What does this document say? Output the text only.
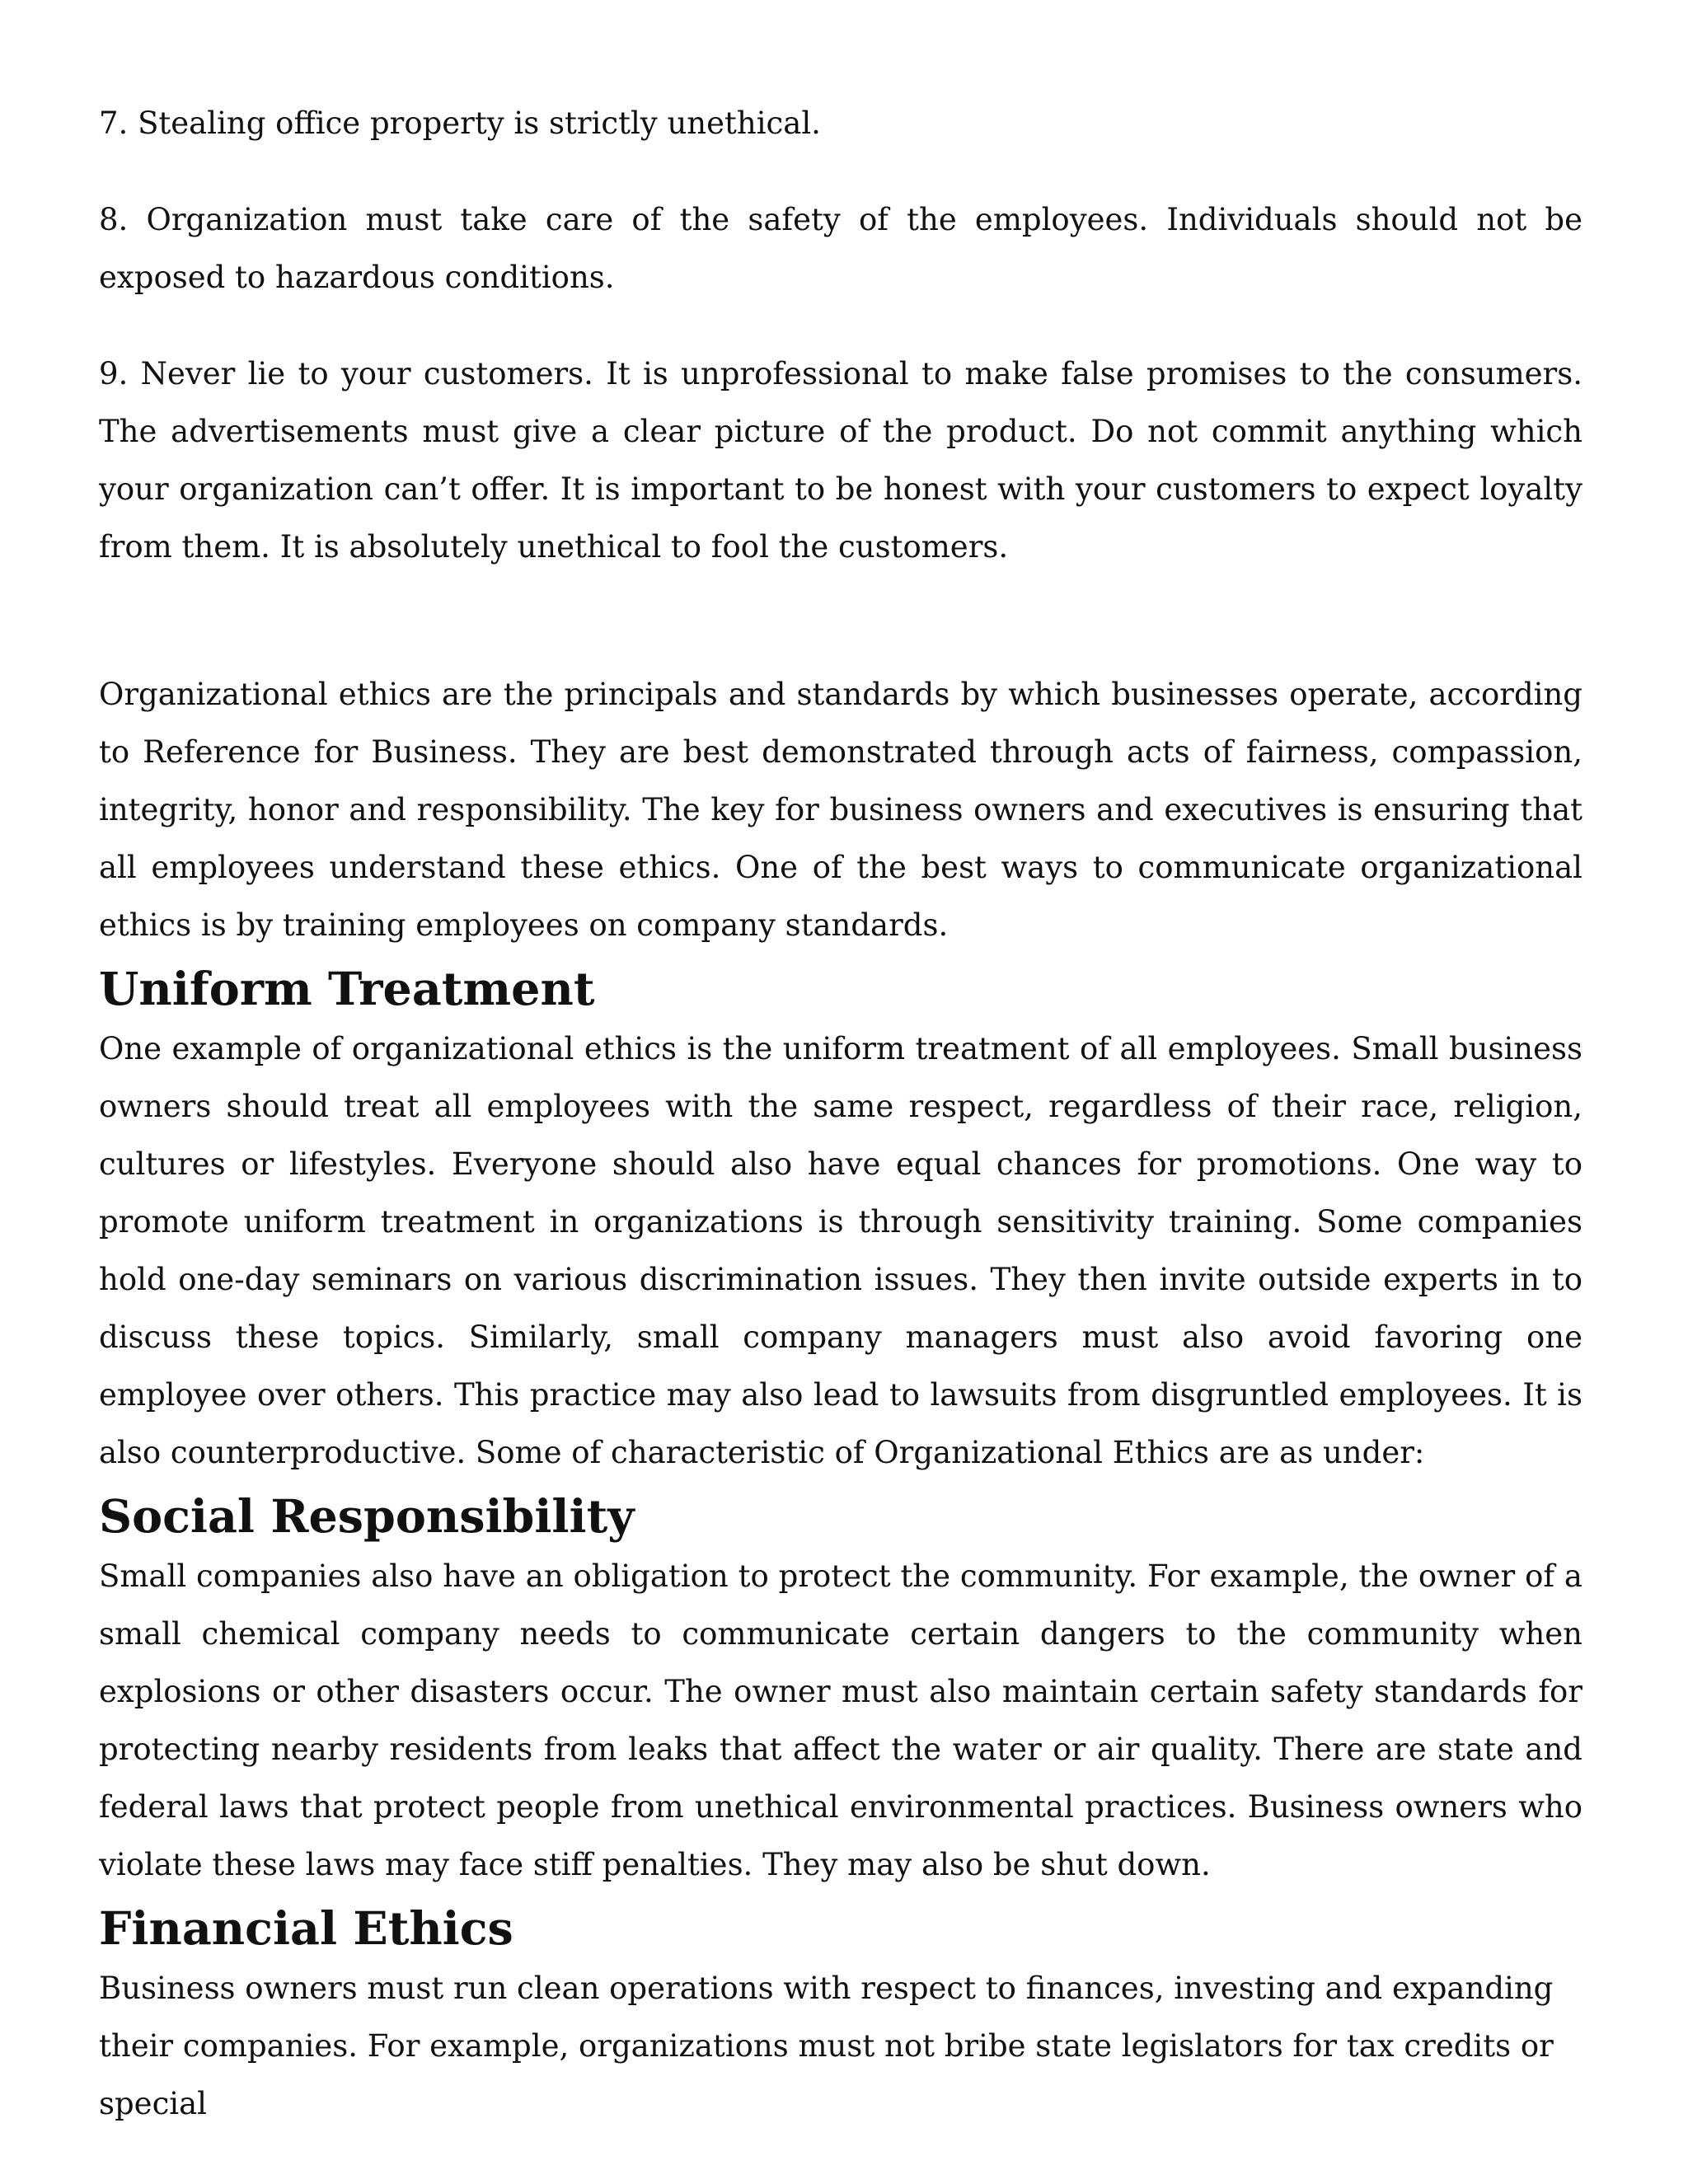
7. Stealing office property is strictly unethical.

8. Organization must take care of the safety of the employees. Individuals should not be exposed to hazardous conditions.

9. Never lie to your customers. It is unprofessional to make false promises to the consumers. The advertisements must give a clear picture of the product. Do not commit anything which your organization can’t offer. It is important to be honest with your customers to expect loyalty from them. It is absolutely unethical to fool the customers.

Organizational ethics are the principals and standards by which businesses operate, according to Reference for Business. They are best demonstrated through acts of fairness, compassion, integrity, honor and responsibility. The key for business owners and executives is ensuring that all employees understand these ethics. One of the best ways to communicate organizational ethics is by training employees on company standards.

Uniform Treatment

One example of organizational ethics is the uniform treatment of all employees. Small business owners should treat all employees with the same respect, regardless of their race, religion, cultures or lifestyles. Everyone should also have equal chances for promotions. One way to promote uniform treatment in organizations is through sensitivity training. Some companies hold one-day seminars on various discrimination issues. They then invite outside experts in to discuss these topics. Similarly, small company managers must also avoid favoring one employee over others. This practice may also lead to lawsuits from disgruntled employees. It is also counterproductive. Some of characteristic of Organizational Ethics are as under:

Social Responsibility

Small companies also have an obligation to protect the community. For example, the owner of a small chemical company needs to communicate certain dangers to the community when explosions or other disasters occur. The owner must also maintain certain safety standards for protecting nearby residents from leaks that affect the water or air quality. There are state and federal laws that protect people from unethical environmental practices. Business owners who violate these laws may face stiff penalties. They may also be shut down.

Financial Ethics

Business owners must run clean operations with respect to finances, investing and expanding their companies. For example, organizations must not bribe state legislators for tax credits or special
